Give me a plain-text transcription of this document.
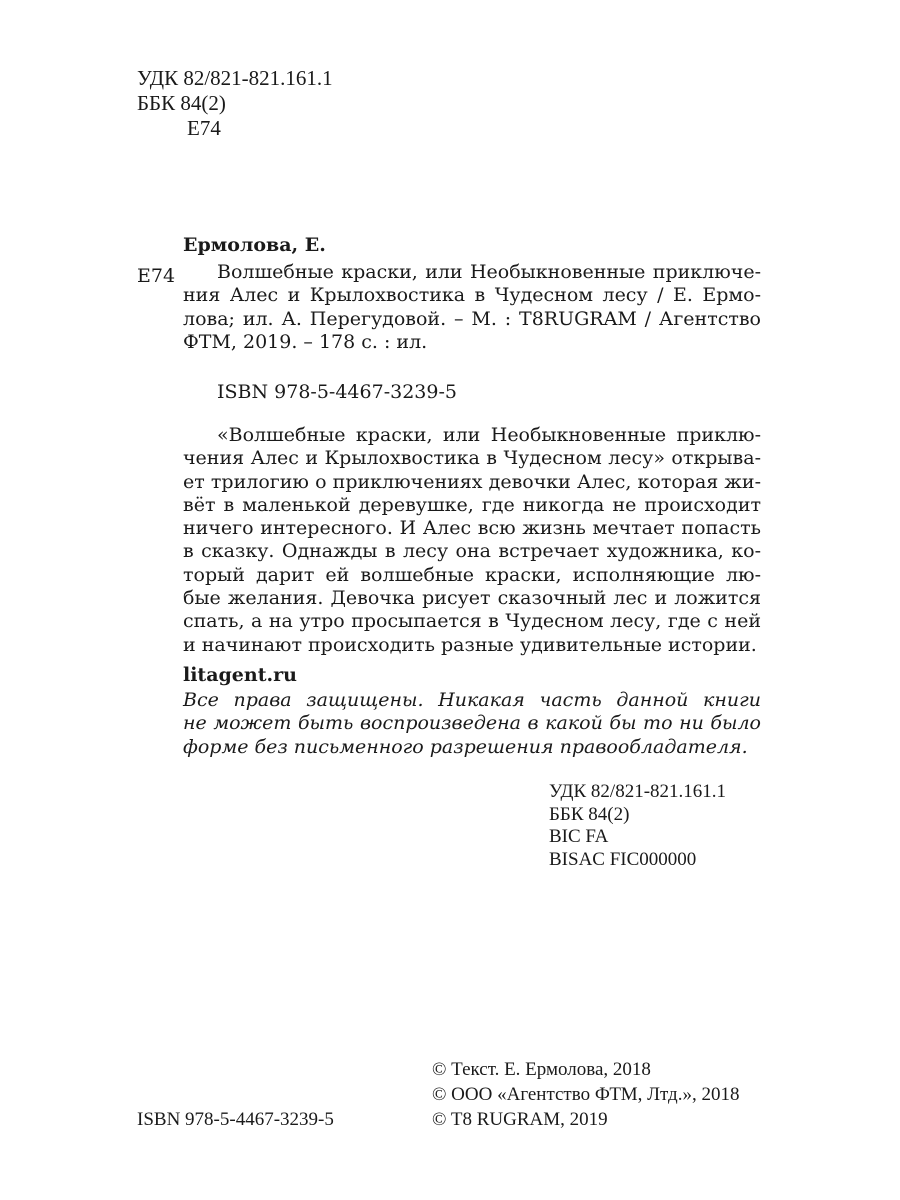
УДК 82/821-821.161.1
ББК 84(2)
Е74
Ермолова, Е.
Е74	Волшебные краски, или Необыкновенные приключе-
ния Алес и Крылохвостика в Чудесном лесу / Е. Ермо-
лова; ил. А. Перегудовой. – М. : T8RUGRAM / Агентство
ФТМ, 2019. – 178 с. : ил.
ISBN 978-5-4467-3239-5
«Волшебные краски, или Необыкновенные приклю-
чения Алес и Крылохвостика в Чудесном лесу» открыва-
ет трилогию о приключениях девочки Алес, которая жи-
вёт в маленькой деревушке, где никогда не происходит
ничего интересного. И Алес всю жизнь мечтает попасть
в сказку. Однажды в лесу она встречает художника, ко-
торый дарит ей волшебные краски, исполняющие лю-
бые желания. Девочка рисует сказочный лес и ложится
спать, а на утро просыпается в Чудесном лесу, где с ней
и начинают происходить разные удивительные истории.
litagent.ru
Все права защищены. Никакая часть данной книги
не может быть воспроизведена в какой бы то ни было
форме без письменного разрешения правообладателя.
УДК 82/821-821.161.1
ББК 84(2)
BIC FA
BISAC FIC000000
© Текст. Е. Ермолова, 2018
© ООО «Агентство ФТМ, Лтд.», 2018
© T8 RUGRAM, 2019
ISBN 978-5-4467-3239-5
